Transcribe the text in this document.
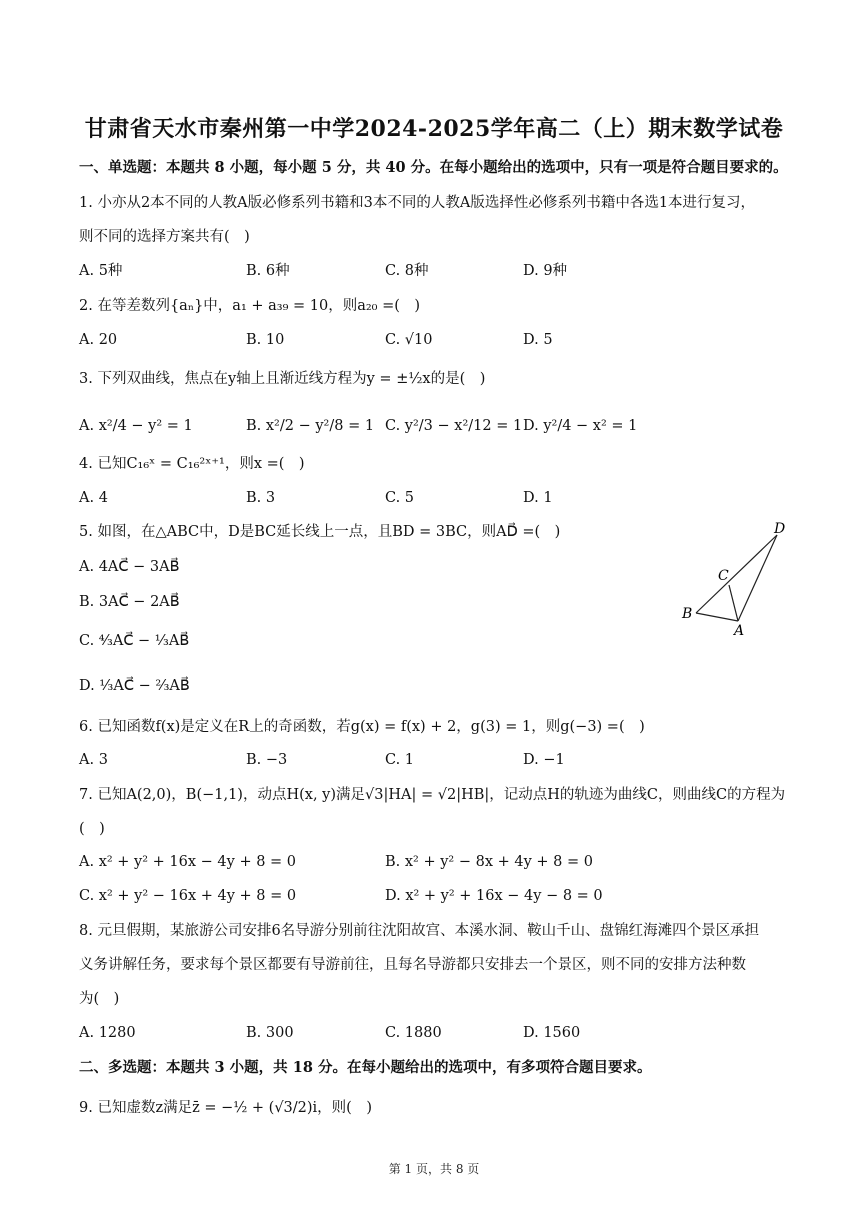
甘肃省天水市秦州第一中学2024-2025学年高二（上）期末数学试卷
一、单选题：本题共 8 小题，每小题 5 分，共 40 分。在每小题给出的选项中，只有一项是符合题目要求的。
1. 小亦从2本不同的人教A版必修系列书籍和3本不同的人教A版选择性必修系列书籍中各选1本进行复习，
则不同的选择方案共有(　)
A. 5种	B. 6种	C. 8种	D. 9种
2. 在等差数列{aₙ}中，a₁ + a₃₉ = 10，则a₂₀ =(　)
A. 20	B. 10	C. √10	D. 5
3. 下列双曲线，焦点在y轴上且渐近线方程为y = ±½x的是(　)
A. x²/4 − y² = 1	B. x²/2 − y²/8 = 1 C. y²/3 − x²/12 = 1 D. y²/4 − x² = 1
4. 已知C₁₆ˣ = C₁₆²ˣ⁺¹，则x =(　)
A. 4	B. 3	C. 5	D. 1
5. 如图，在△ABC中，D是BC延长线上一点，且BD = 3BC，则AD⃗ =(　)
A. 4AC⃗ − 3AB⃗
B. 3AC⃗ − 2AB⃗
C. ⁴⁄₃AC⃗ − ¹⁄₃AB⃗
D. ¹⁄₃AC⃗ − ²⁄₃AB⃗
D
C
B
A
6. 已知函数f(x)是定义在R上的奇函数，若g(x) = f(x) + 2，g(3) = 1，则g(−3) =(　)
A. 3	B. −3	C. 1	D. −1
7. 已知A(2,0)，B(−1,1)，动点H(x, y)满足√3|HA| = √2|HB|，记动点H的轨迹为曲线C，则曲线C的方程为
(　)
A. x² + y² + 16x − 4y + 8 = 0	B. x² + y² − 8x + 4y + 8 = 0
C. x² + y² − 16x + 4y + 8 = 0	D. x² + y² + 16x − 4y − 8 = 0
8. 元旦假期，某旅游公司安排6名导游分别前往沈阳故宫、本溪水洞、鞍山千山、盘锦红海滩四个景区承担
义务讲解任务，要求每个景区都要有导游前往，且每名导游都只安排去一个景区，则不同的安排方法种数
为(　)
A. 1280	B. 300	C. 1880	D. 1560
二、多选题：本题共 3 小题，共 18 分。在每小题给出的选项中，有多项符合题目要求。
9. 已知虚数z满足z̄ = −½ + (√3/2)i，则(　)
第 1 页，共 8 页
